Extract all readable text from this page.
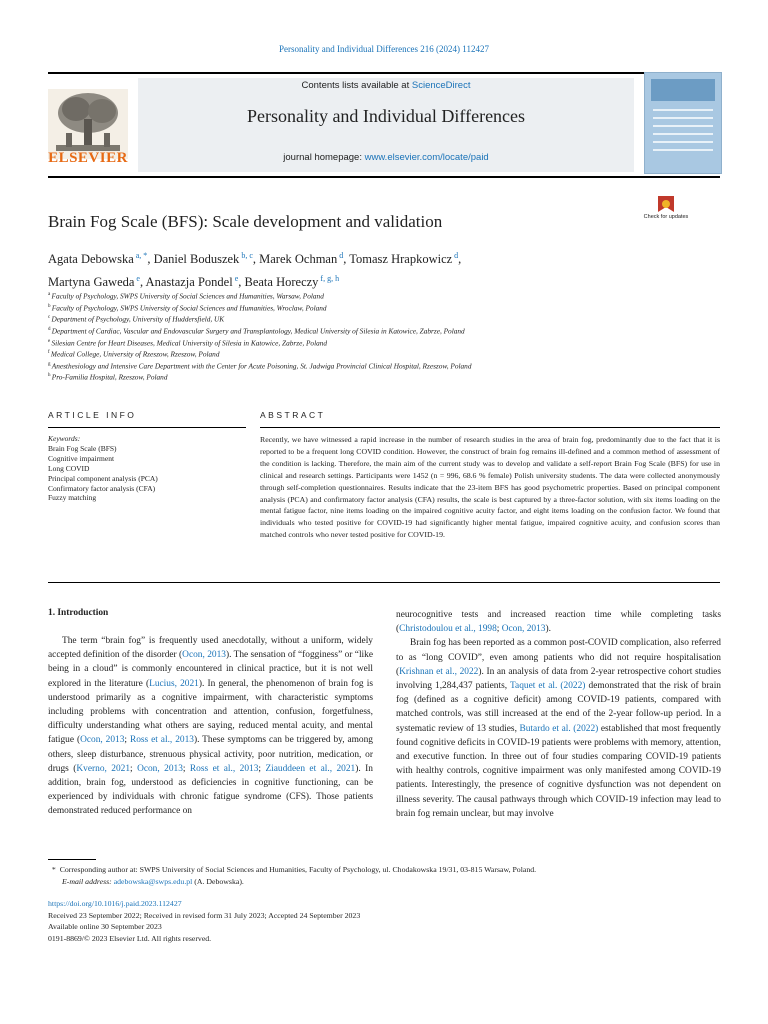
Personality and Individual Differences 216 (2024) 112427
ELSEVIER
Contents lists available at ScienceDirect
Personality and Individual Differences
journal homepage: www.elsevier.com/locate/paid
Brain Fog Scale (BFS): Scale development and validation	Check for updates
Agata Debowska $^{a, *}$, Daniel Boduszek $^{b, c}$, Marek Ochman $^d$, Tomasz Hrapkowicz $^d$,
Martyna Gaweda $^e$, Anastazja Pondel $^e$, Beata Horeczy $^{f, g, h}$
$^a$ Faculty of Psychology, SWPS University of Social Sciences and Humanities, Warsaw, Poland
$^b$ Faculty of Psychology, SWPS University of Social Sciences and Humanities, Wroclaw, Poland
$^c$ Department of Psychology, University of Huddersfield, UK
$^d$ Department of Cardiac, Vascular and Endovascular Surgery and Transplantology, Medical University of Silesia in Katowice, Zabrze, Poland
$^e$ Silesian Centre for Heart Diseases, Medical University of Silesia in Katowice, Zabrze, Poland
$^f$ Medical College, University of Rzeszow, Rzeszow, Poland
$^g$ Anesthesiology and Intensive Care Department with the Center for Acute Poisoning, St. Jadwiga Provincial Clinical Hospital, Rzeszow, Poland
$^h$ Pro-Familia Hospital, Rzeszow, Poland
ARTICLE INFO	ABSTRACT
Keywords:
Brain Fog Scale (BFS)
Cognitive impairment
Long COVID
Principal component analysis (PCA)
Confirmatory factor analysis (CFA)
Fuzzy matching
Recently, we have witnessed a rapid increase in the number of research studies in the area of brain fog, predominantly due to the fact that it is reported to be a frequent long COVID condition. However, the construct of brain fog remains ill-defined and a common method of assessment of the condition is lacking. Therefore, the main aim of the current study was to develop and validate a self-report Brain Fog Scale (BFS) for use in clinical and research settings. Participants were 1452 (n = 996, 68.6 % female) Polish university students. The data were collected anonymously through self-completion questionnaires. Results indicate that the 23-item BFS has good psychometric properties. Based on principal component analysis (PCA) and confirmatory factor analysis (CFA) results, the scale is best captured by a three-factor solution, with six items loading on the mental fatigue factor, nine items loading on the impaired cognitive acuity factor, and eight items loading on the confusion factor. We found that individuals who tested positive for COVID-19 had significantly higher mental fatigue, impaired cognitive acuity, and confusion scores than matched controls who never tested positive for COVID-19.
1. Introduction

The term “brain fog” is frequently used anecdotally, without a uniform, widely accepted definition of the disorder (Ocon, 2013). The sensation of “fogginess” or “like being in a cloud” is commonly encountered in clinical practice, but it is not well explored in the literature (Lucius, 2021). In general, the phenomenon of brain fog is understood primarily as a cognitive impairment, with characteristic symptoms including problems with concentration and attention, confusion, forgetfulness, difficulty understanding what others are saying, reduced mental acuity, and mental fatigue (Ocon, 2013; Ross et al., 2013). These symptoms can be triggered by, among others, sleep disturbance, strenuous physical activity, poor nutrition, medication, or drugs (Kverno, 2021; Ocon, 2013; Ross et al., 2013; Ziauddeen et al., 2021). In addition, brain fog, understood as deficiencies in cognitive functioning, can be experienced by individuals with chronic fatigue syndrome (CFS). Those patients demonstrated reduced performance on

neurocognitive tests and increased reaction time while completing tasks (Christodoulou et al., 1998; Ocon, 2013).

Brain fog has been reported as a common post-COVID complication, also referred to as “long COVID”, even among patients who did not require hospitalisation (Krishnan et al., 2022). In an analysis of data from 2-year retrospective cohort studies involving 1,284,437 patients, Taquet et al. (2022) demonstrated that the risk of brain fog (defined as a cognitive deficit) among COVID-19 patients, compared with matched controls, was still increased at the end of the 2-year follow-up period. In a systematic review of 13 studies, Butardo et al. (2022) established that most frequently found cognitive deficits in COVID-19 patients were problems with memory, attention, and executive function. In three out of four studies comparing COVID-19 patients with healthy controls, cognitive impairment was only manifested among COVID-19 patients. Interestingly, the presence of cognitive dysfunction was not dependent on illness severity. The causal pathways through which COVID-19 infection may lead to brain fog remain unclear, but may involve

*  Corresponding author at: SWPS University of Social Sciences and Humanities, Faculty of Psychology, ul. Chodakowska 19/31, 03-815 Warsaw, Poland.
E-mail address: adebowska@swps.edu.pl (A. Debowska).
https://doi.org/10.1016/j.paid.2023.112427
Received 23 September 2022; Received in revised form 31 July 2023; Accepted 24 September 2023
Available online 30 September 2023
0191-8869/© 2023 Elsevier Ltd. All rights reserved.
